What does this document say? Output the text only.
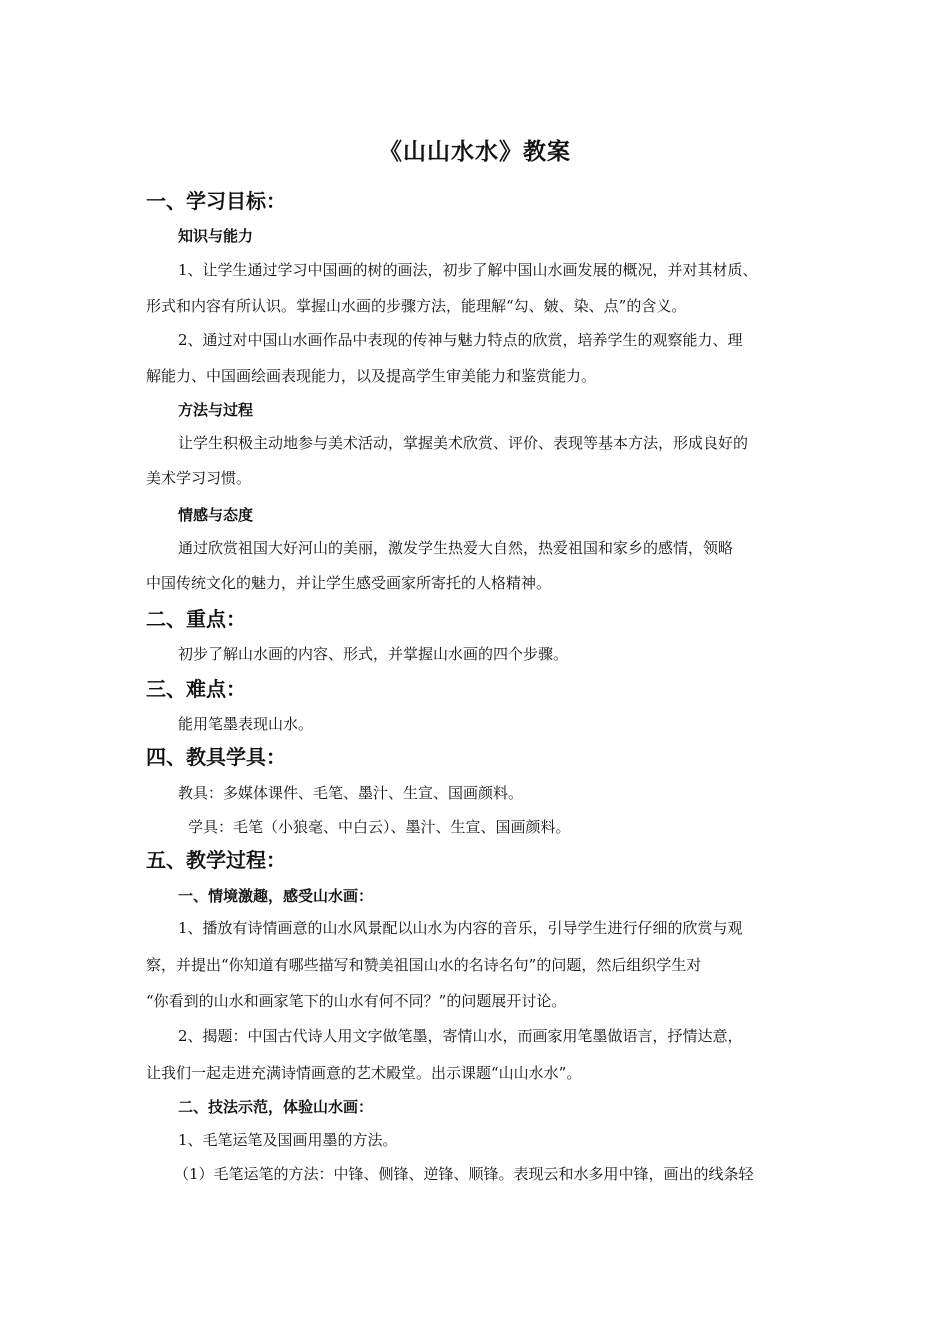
《山山水水》教案
一、学习目标：
知识与能力
1、让学生通过学习中国画的树的画法，初步了解中国山水画发展的概况，并对其材质、
形式和内容有所认识。掌握山水画的步骤方法，能理解“勾、皴、染、点”的含义。
2、通过对中国山水画作品中表现的传神与魅力特点的欣赏，培养学生的观察能力、理
解能力、中国画绘画表现能力，以及提高学生审美能力和鉴赏能力。
方法与过程
让学生积极主动地参与美术活动，掌握美术欣赏、评价、表现等基本方法，形成良好的
美术学习习惯。
情感与态度
通过欣赏祖国大好河山的美丽，激发学生热爱大自然，热爱祖国和家乡的感情，领略
中国传统文化的魅力，并让学生感受画家所寄托的人格精神。
二、重点：
初步了解山水画的内容、形式，并掌握山水画的四个步骤。
三、难点：
能用笔墨表现山水。
四、教具学具：
教具：多媒体课件、毛笔、墨汁、生宣、国画颜料。
学具：毛笔（小狼毫、中白云）、墨汁、生宣、国画颜料。
五、教学过程：
一、情境激趣，感受山水画：
1、播放有诗情画意的山水风景配以山水为内容的音乐，引导学生进行仔细的欣赏与观
察，并提出“你知道有哪些描写和赞美祖国山水的名诗名句”的问题，然后组织学生对
“你看到的山水和画家笔下的山水有何不同？”的问题展开讨论。
2、揭题：中国古代诗人用文字做笔墨，寄情山水，而画家用笔墨做语言，抒情达意，
让我们一起走进充满诗情画意的艺术殿堂。出示课题“山山水水”。
二、技法示范，体验山水画：
1、毛笔运笔及国画用墨的方法。
（1）毛笔运笔的方法：中锋、侧锋、逆锋、顺锋。表现云和水多用中锋，画出的线条轻
